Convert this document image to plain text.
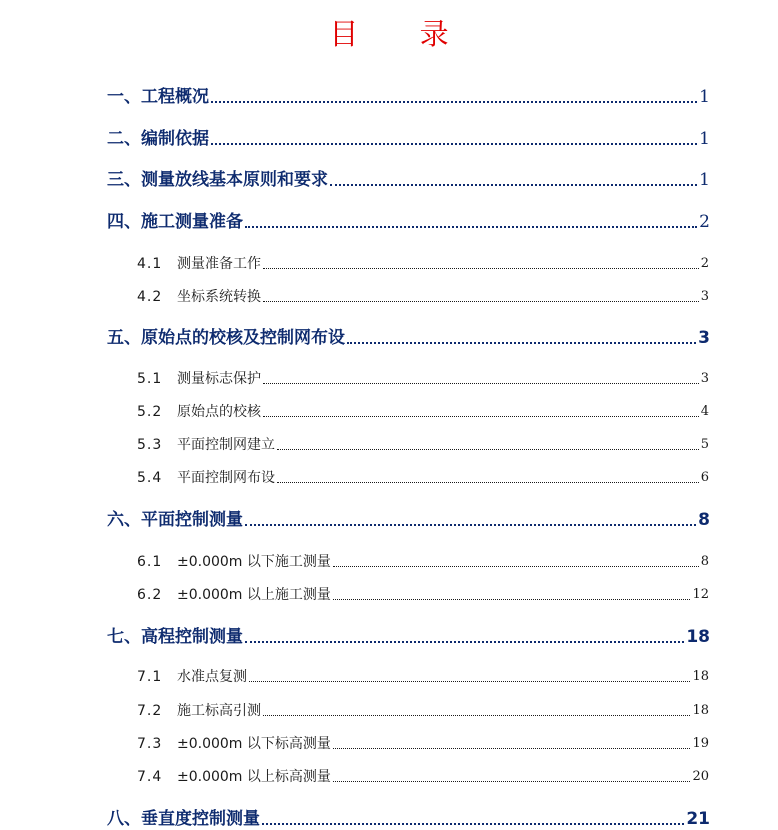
目 录
一、工程概况	1
二、编制依据	1
三、测量放线基本原则和要求	1
四、施工测量准备	2
4.1	测量准备工作	2
4.2	坐标系统转换	3
五、原始点的校核及控制网布设	3
5.1	测量标志保护	3
5.2	原始点的校核	4
5.3	平面控制网建立	5
5.4	平面控制网布设	6
六、平面控制测量	8
6.1	±0.000m 以下施工测量	8
6.2	±0.000m 以上施工测量	12
七、高程控制测量	18
7.1	水准点复测	18
7.2	施工标高引测	18
7.3	±0.000m 以下标高测量	19
7.4	±0.000m 以上标高测量	20
八、垂直度控制测量	21
